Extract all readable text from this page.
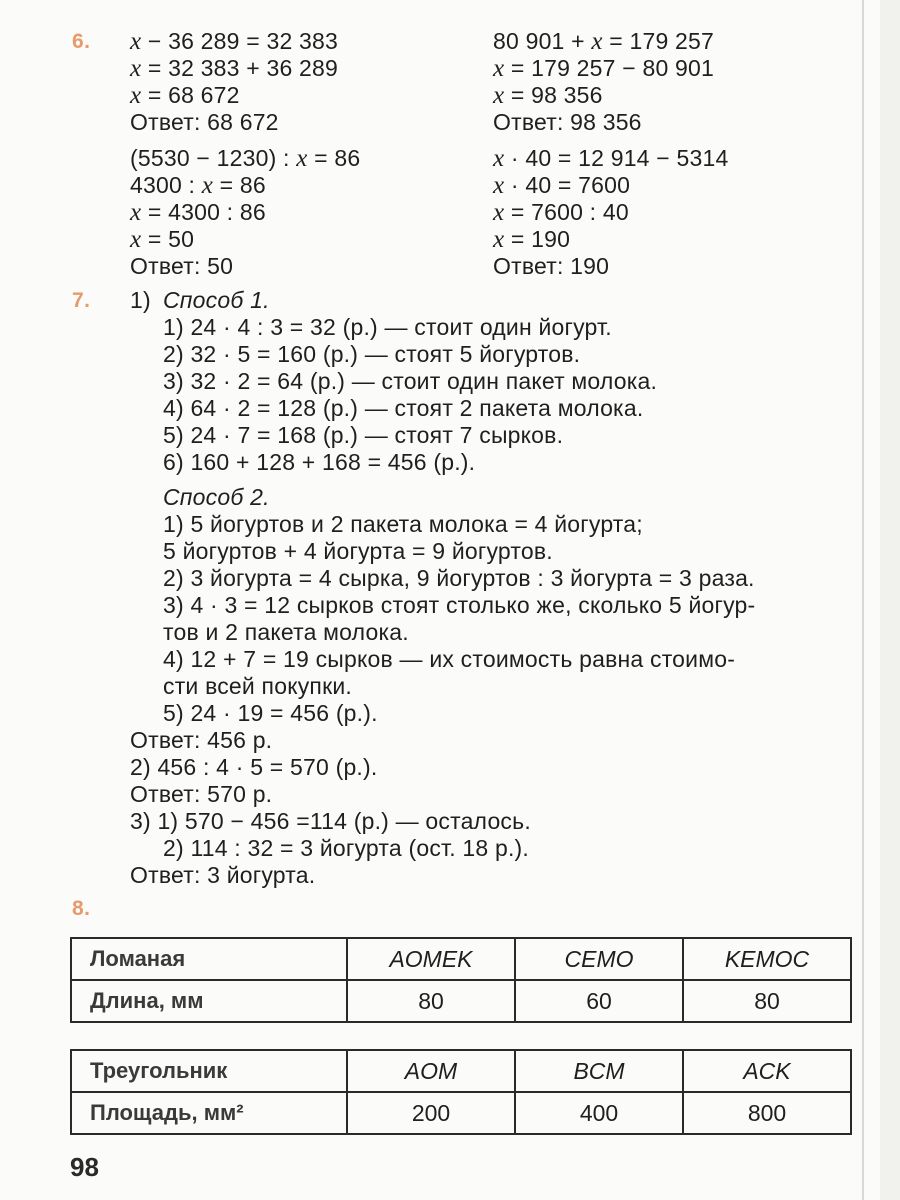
6. x − 36 289 = 32 383
x = 32 383 + 36 289
x = 68 672
Ответ: 68 672
80 901 + x = 179 257
x = 179 257 − 80 901
x = 98 356
Ответ: 98 356
(5530 − 1230) : x = 86
4300 : x = 86
x = 4300 : 86
x = 50
Ответ: 50
x · 40 = 12 914 − 5314
x · 40 = 7600
x = 7600 : 40
x = 190
Ответ: 190
7. 1) Способ 1.
1) 24 · 4 : 3 = 32 (р.) — стоит один йогурт.
2) 32 · 5 = 160 (р.) — стоят 5 йогуртов.
3) 32 · 2 = 64 (р.) — стоит один пакет молока.
4) 64 · 2 = 128 (р.) — стоят 2 пакета молока.
5) 24 · 7 = 168 (р.) — стоят 7 сырков.
6) 160 + 128 + 168 = 456 (р.).
Способ 2.
1) 5 йогуртов и 2 пакета молока = 4 йогурта;
5 йогуртов + 4 йогурта = 9 йогуртов.
2) 3 йогурта = 4 сырка, 9 йогуртов : 3 йогурта = 3 раза.
3) 4 · 3 = 12 сырков стоят столько же, сколько 5 йогур-
тов и 2 пакета молока.
4) 12 + 7 = 19 сырков — их стоимость равна стоимо-
сти всей покупки.
5) 24 · 19 = 456 (р.).
Ответ: 456 р.
2) 456 : 4 · 5 = 570 (р.).
Ответ: 570 р.
3) 1) 570 − 456 =114 (р.) — осталось.
2) 114 : 32 = 3 йогурта (ост. 18 р.).
Ответ: 3 йогурта.
8.
Ломаная	AOMEK	CEMO	KEMOC
Длина, мм	80	60	80
Треугольник	AOM	BCM	ACK
Площадь, мм²	200	400	800
98
